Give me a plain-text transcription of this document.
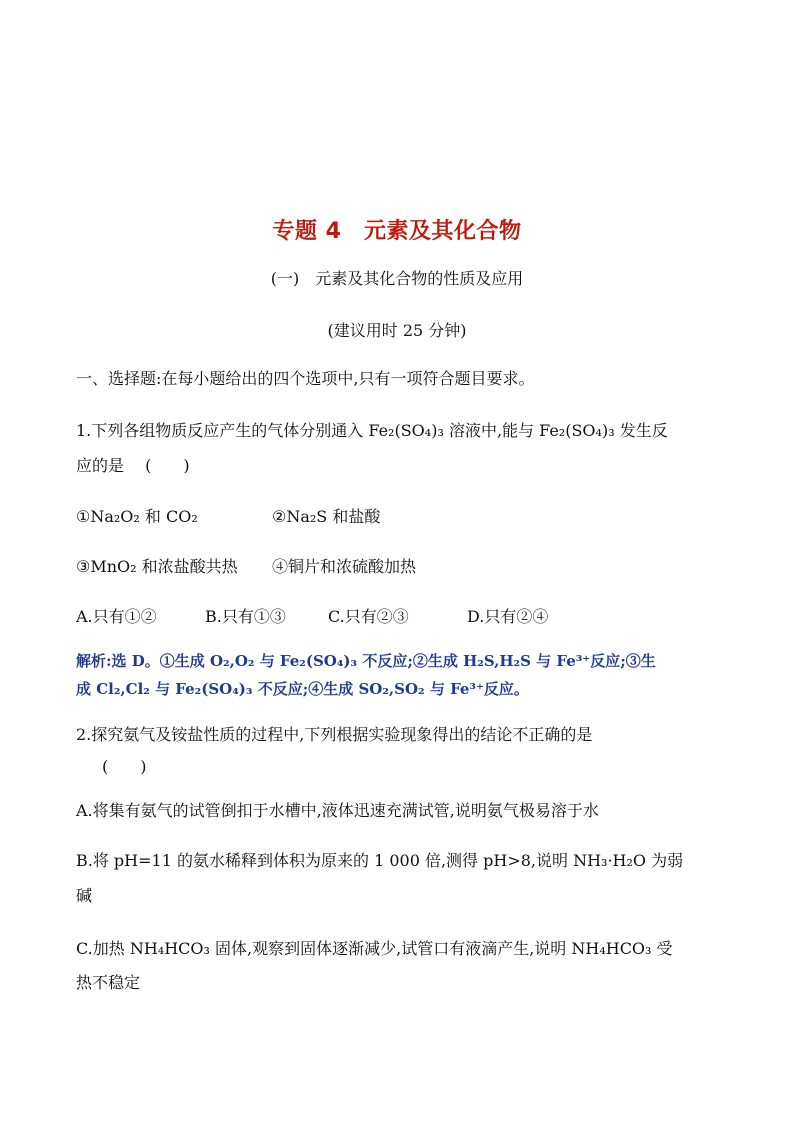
专题 4　元素及其化合物
(一)　元素及其化合物的性质及应用
(建议用时 25 分钟)
一、选择题:在每小题给出的四个选项中,只有一项符合题目要求。
1.下列各组物质反应产生的气体分别通入 Fe₂(SO₄)₃ 溶液中,能与 Fe₂(SO₄)₃ 发生反
应的是　 (　　)
①Na₂O₂ 和 CO₂	②Na₂S 和盐酸
③MnO₂ 和浓盐酸共热 ④铜片和浓硫酸加热
A.只有①②	B.只有①③	C.只有②③	D.只有②④
解析:选 D。①生成 O₂,O₂ 与 Fe₂(SO₄)₃ 不反应;②生成 H₂S,H₂S 与 Fe³⁺反应;③生
成 Cl₂,Cl₂ 与 Fe₂(SO₄)₃ 不反应;④生成 SO₂,SO₂ 与 Fe³⁺反应。
2.探究氨气及铵盐性质的过程中,下列根据实验现象得出的结论不正确的是
(　　)
A.将集有氨气的试管倒扣于水槽中,液体迅速充满试管,说明氨气极易溶于水
B.将 pH=11 的氨水稀释到体积为原来的 1 000 倍,测得 pH>8,说明 NH₃·H₂O 为弱
碱
C.加热 NH₄HCO₃ 固体,观察到固体逐渐减少,试管口有液滴产生,说明 NH₄HCO₃ 受
热不稳定
